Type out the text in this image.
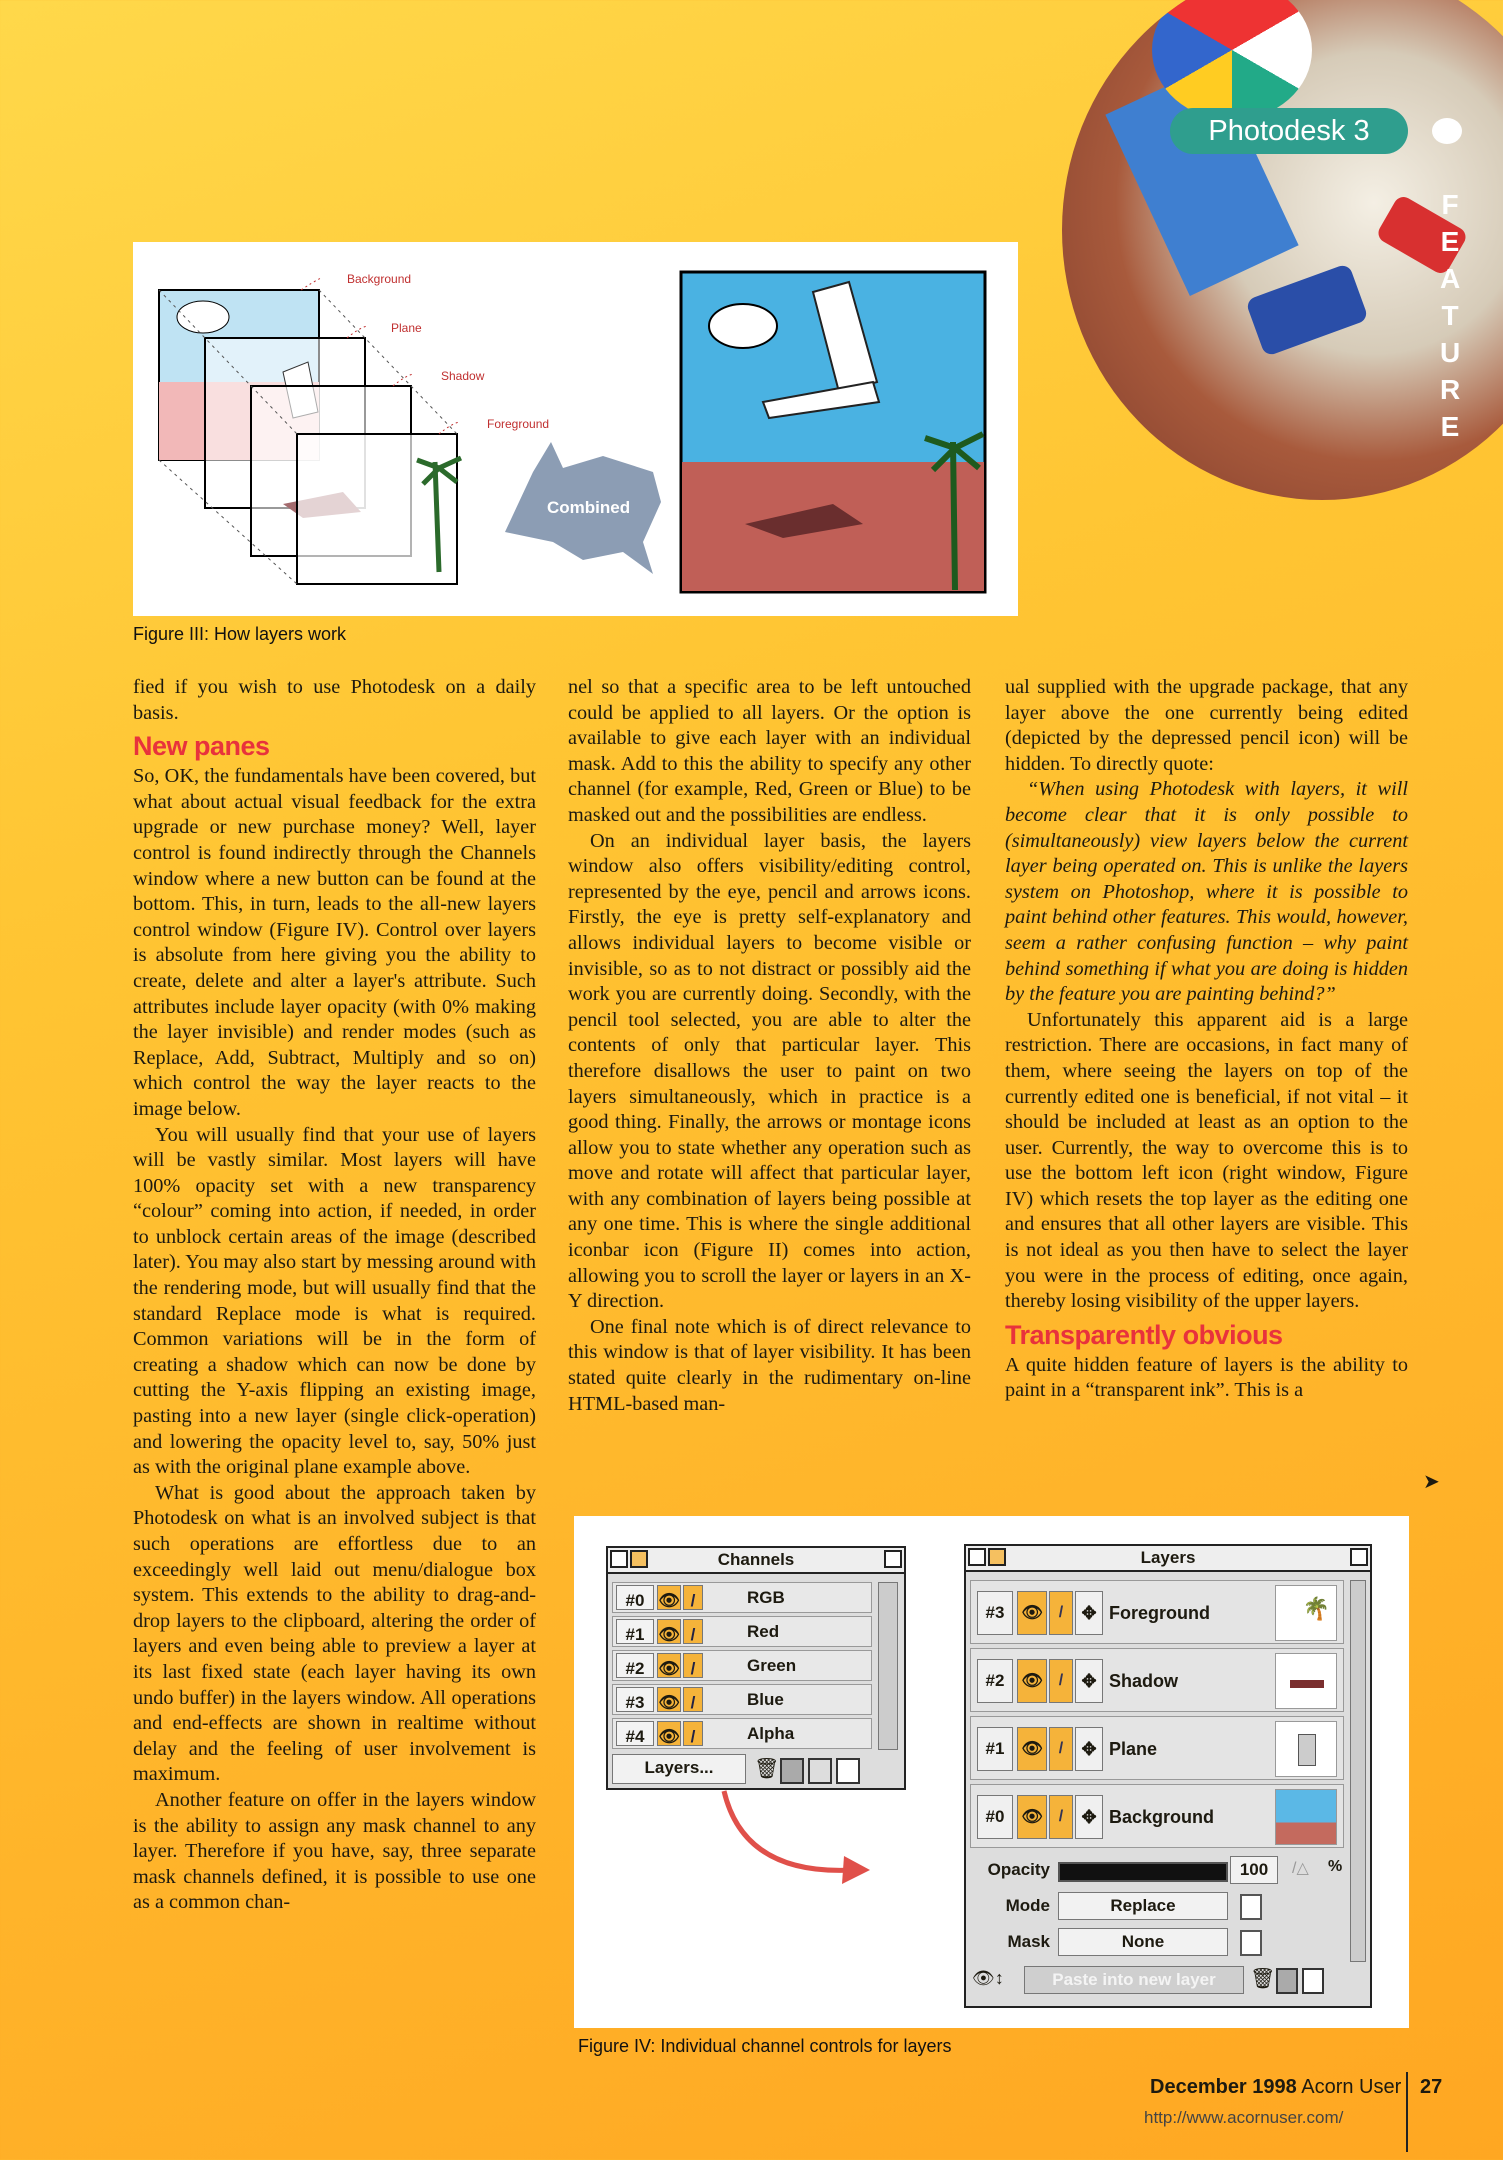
Photodesk 3
FEATURE
Background
Plane
Shadow
Foreground
Combined
Figure III: How layers work

fied if you wish to use Photodesk on a daily basis.

New panes

So, OK, the fundamentals have been covered, but what about actual visual feedback for the extra upgrade or new purchase money? Well, layer control is found indirectly through the Channels window where a new button can be found at the bottom. This, in turn, leads to the all-new layers control window (Figure IV). Control over layers is absolute from here giving you the ability to create, delete and alter a layer's attribute. Such attributes include layer opacity (with 0% making the layer invisible) and render modes (such as Replace, Add, Subtract, Multiply and so on) which control the way the layer reacts to the image below.

You will usually find that your use of layers will be vastly similar. Most layers will have 100% opacity set with a new transparency “colour” coming into action, if needed, in order to unblock certain areas of the image (described later). You may also start by messing around with the rendering mode, but will usually find that the standard Replace mode is what is required. Common variations will be in the form of creating a shadow which can now be done by cutting the Y-axis flipping an existing image, pasting into a new layer (single click-operation) and lowering the opacity level to, say, 50% just as with the original plane example above.

What is good about the approach taken by Photodesk on what is an involved subject is that such operations are effortless due to an exceedingly well laid out menu/dialogue box system. This extends to the ability to drag-and-drop layers to the clipboard, altering the order of layers and even being able to preview a layer at its last fixed state (each layer having its own undo buffer) in the layers window. All operations and end-effects are shown in realtime without delay and the feeling of user involvement is maximum.

Another feature on offer in the layers window is the ability to assign any mask channel to any layer. Therefore if you have, say, three separate mask channels defined, it is possible to use one as a common chan-

nel so that a specific area to be left untouched could be applied to all layers. Or the option is available to give each layer with an individual mask. Add to this the ability to specify any other channel (for example, Red, Green or Blue) to be masked out and the possibilities are endless.

On an individual layer basis, the layers window also offers visibility/editing control, represented by the eye, pencil and arrows icons. Firstly, the eye is pretty self-explanatory and allows individual layers to become visible or invisible, so as to not distract or possibly aid the work you are currently doing. Secondly, with the pencil tool selected, you are able to alter the contents of only that particular layer. This therefore disallows the user to paint on two layers simultaneously, which in practice is a good thing. Finally, the arrows or montage icons allow you to state whether any operation such as move and rotate will affect that particular layer, with any combination of layers being possible at any one time. This is where the single additional iconbar icon (Figure II) comes into action, allowing you to scroll the layer or layers in an X-Y direction.

One final note which is of direct relevance to this window is that of layer visibility. It has been stated quite clearly in the rudimentary on-line HTML-based man-

ual supplied with the upgrade package, that any layer above the one currently being edited (depicted by the depressed pencil icon) will be hidden. To directly quote:

“When using Photodesk with layers, it will become clear that it is only possible to (simultaneously) view layers below the current layer being operated on. This is unlike the layers system on Photoshop, where it is possible to paint behind other features. This would, however, seem a rather confusing function – why paint behind something if what you are doing is hidden by the feature you are painting behind?”

Unfortunately this apparent aid is a large restriction. There are occasions, in fact many of them, where seeing the layers on top of the currently edited one is beneficial, if not vital – it should be included at least as an option to the user. Currently, the way to overcome this is to use the bottom left icon (right window, Figure IV) which resets the top layer as the editing one and ensures that all other layers are visible. This is not ideal as you then have to select the layer you were in the process of editing, once again, thereby losing visibility of the upper layers.

Transparently obvious

A quite hidden feature of layers is the ability to paint in a “transparent ink”. This is a

➤
Channels
#0 👁 /	RGB
#1 👁 /	Red
#2 👁 /	Green
#3 👁 /	Blue
#4 👁 /	Alpha
Layers...	🗑
Layers
#3 👁 /	✥ Foreground	🌴
#2 👁 /	✥ Shadow
#1 👁 /	✥ Plane
#0 👁 /	✥ Background
Opacity	100	/△ %
Mode	Replace
Mask	None
👁↕	Paste into new layer	🗑
Figure IV: Individual channel controls for layers
December 1998 Acorn User 27
http://www.acornuser.com/
